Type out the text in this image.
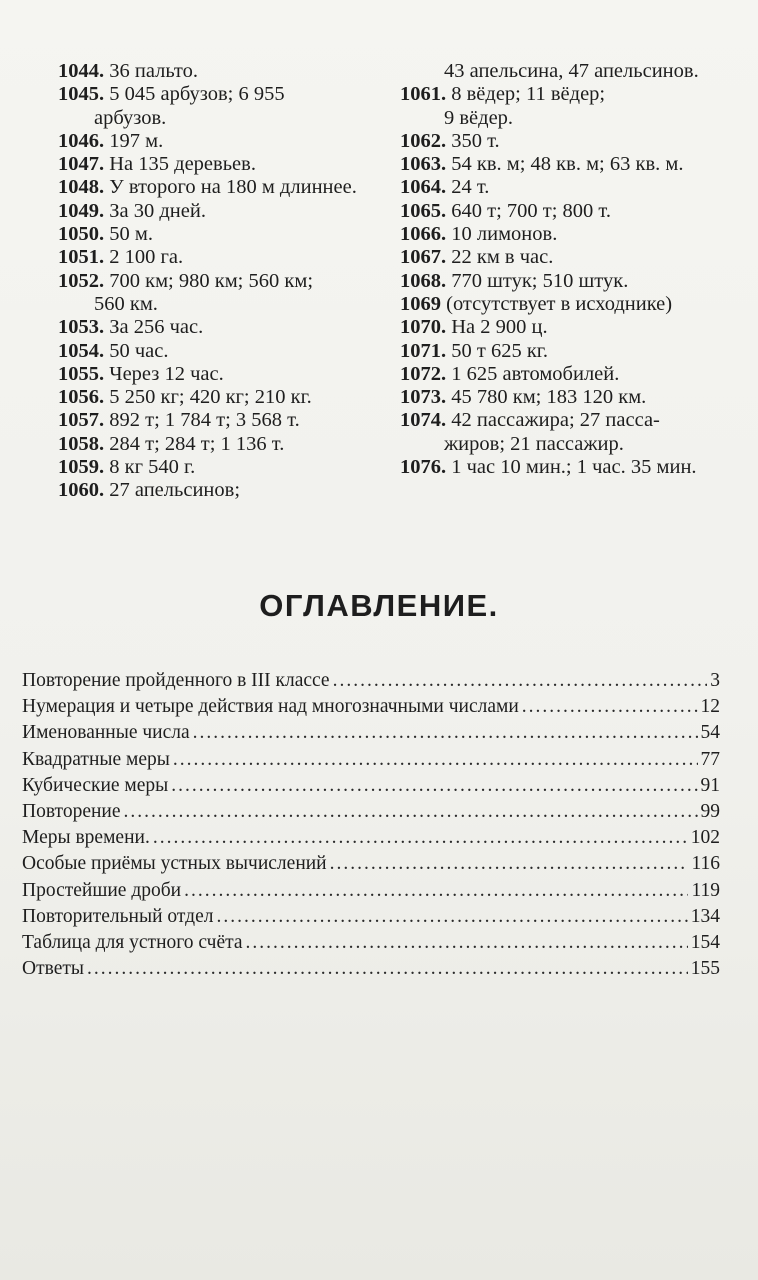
1044. 36 пальто.
1045. 5 045 арбузов; 6 955
арбузов.
1046. 197 м.
1047. На 135 деревьев.
1048. У второго на 180 м длиннее.
1049. За 30 дней.
1050. 50 м.
1051. 2 100 га.
1052. 700 км; 980 км; 560 км;
560 км.
1053. За 256 час.
1054. 50 час.
1055. Через 12 час.
1056. 5 250 кг; 420 кг; 210 кг.
1057. 892 т; 1 784 т; 3 568 т.
1058. 284 т; 284 т; 1 136 т.
1059. 8 кг 540 г.
1060. 27 апельсинов;
43 апельсина, 47 апельсинов.
1061. 8 вёдер; 11 вёдер;
9 вёдер.
1062. 350 т.
1063. 54 кв. м; 48 кв. м; 63 кв. м.
1064. 24 т.
1065. 640 т; 700 т; 800 т.
1066. 10 лимонов.
1067. 22 км в час.
1068. 770 штук; 510 штук.
1069 (отсутствует в исходнике)
1070. На 2 900 ц.
1071. 50 т 625 кг.
1072. 1 625 автомобилей.
1073. 45 780 км; 183 120 км.
1074. 42 пассажира; 27 пасса-
жиров; 21 пассажир.
1076. 1 час 10 мин.; 1 час. 35 мин.
ОГЛАВЛЕНИЕ.
Повторение пройденного в III классе .....	3
Нумерация и четыре действия над многозначными числами .....	12
Именованные числа .....	54
Квадратные меры .....	77
Кубические меры .....	91
Повторение .....	99
Меры времени. .....	102
Особые приёмы устных вычислений .....	116
Простейшие дроби .....	119
Повторительный отдел .....	134
Таблица для устного счёта .....	154
Ответы .....	155
